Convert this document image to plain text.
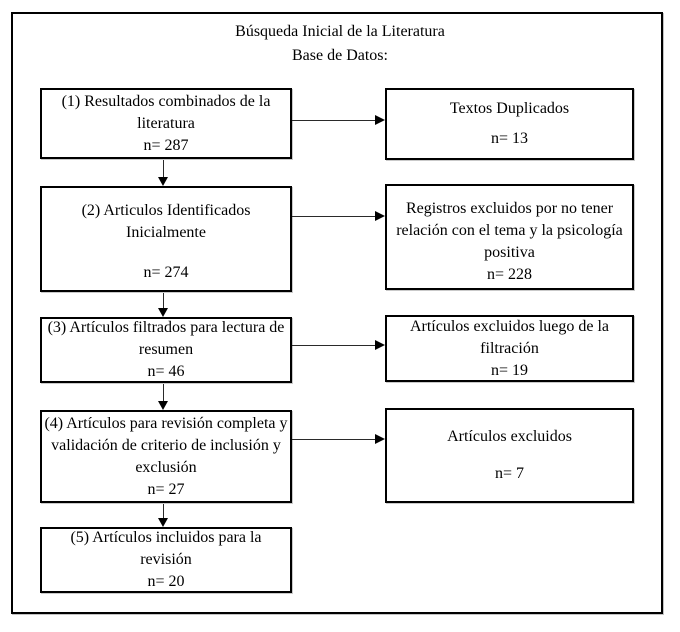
Búsqueda Inicial de la Literatura
Base de Datos:
(1) Resultados combinados de la literatura
n= 287
(2) Articulos Identificados Inicialmente
n= 274
(3) Artículos filtrados para lectura de resumen
n= 46
(4) Artículos para revisión completa y validación de criterio de inclusión y exclusión
n= 27
(5) Artículos incluidos para la revisión
n= 20
Textos Duplicados
n= 13
Registros excluidos por no tener relación con el tema y la psicología positiva
n= 228
Artículos excluidos luego de la filtración
n= 19
Artículos excluidos
n= 7
